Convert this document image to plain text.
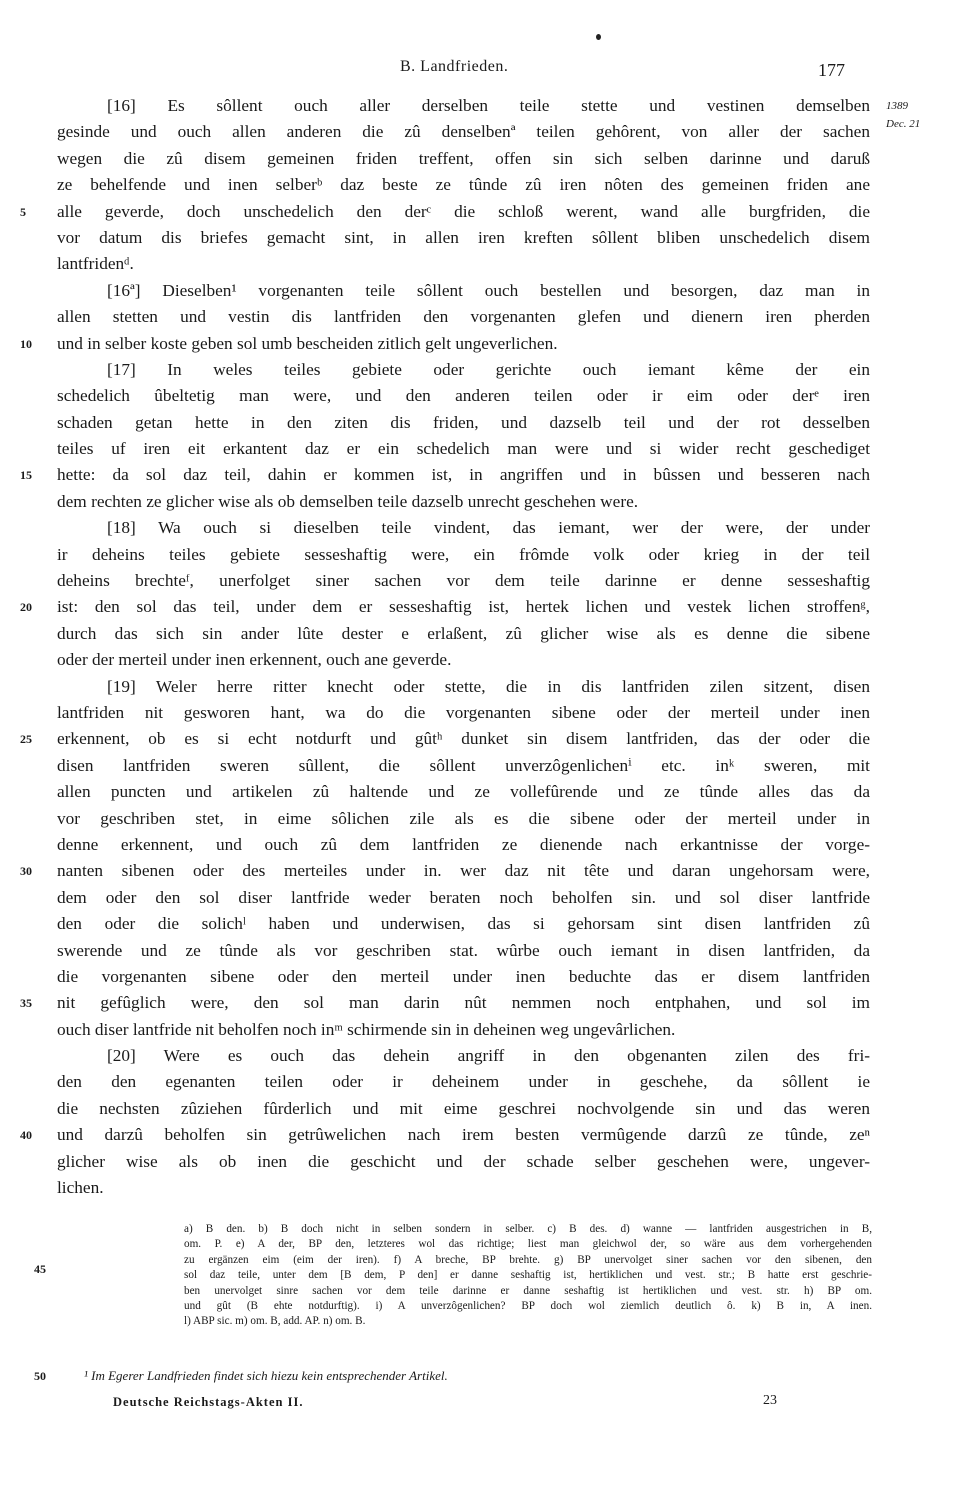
B. Landfrieden.	177
1389
Dec. 21
[16] Es sôllent ouch aller derselben teile stette und vestinen demselben
gesinde und ouch allen anderen die zû denselbenª teilen gehôrent, von aller der sachen
wegen die zû disem gemeinen friden treffent, offen sin sich selben darinne und daruß
ze behelfende und inen selberᵇ daz beste ze tûnde zû iren nôten des gemeinen friden ane
5	alle geverde, doch unschedelich den derᶜ die schloß werent, wand alle burgfriden, die
vor datum dis briefes gemacht sint, in allen iren kreften sôllent bliben unschedelich disem
lantfridenᵈ.
[16ª] Dieselben¹ vorgenanten teile sôllent ouch bestellen und besorgen, daz man in
allen stetten und vestin dis lantfriden den vorgenanten glefen und dienern iren pherden
10	und in selber koste geben sol umb bescheiden zitlich gelt ungeverlichen.
[17] In weles teiles gebiete oder gerichte ouch iemant kême der ein
schedelich ûbeltetig man were, und den anderen teilen oder ir eim oder derᵉ iren
schaden getan hette in den ziten dis friden, und dazselb teil und der rot desselben
teiles uf iren eit erkantent daz er ein schedelich man were und si wider recht geschediget
15	hette: da sol daz teil, dahin er kommen ist, in angriffen und in bûssen und besseren nach
dem rechten ze glicher wise als ob demselben teile dazselb unrecht geschehen were.
[18] Wa ouch si dieselben teile vindent, das iemant, wer der were, der under
ir deheins teiles gebiete sesseshaftig were, ein frômde volk oder krieg in der teil
deheins brechteᶠ, unerfolget siner sachen vor dem teile darinne er denne sesseshaftig
20	ist: den sol das teil, under dem er sesseshaftig ist, hertek lichen und vestek lichen stroffenᵍ,
durch das sich sin ander lûte dester e erlaßent, zû glicher wise als es denne die sibene
oder der merteil under inen erkennent, ouch ane geverde.
[19] Weler herre ritter knecht oder stette, die in dis lantfriden zilen sitzent, disen
lantfriden nit gesworen hant, wa do die vorgenanten sibene oder der merteil under inen
25	erkennent, ob es si echt notdurft und gûtʰ dunket sin disem lantfriden, das der oder die
disen lantfriden sweren sûllent, die sôllent unverzôgenlichenⁱ etc. inᵏ sweren, mit
allen puncten und artikelen zû haltende und ze vollefûrende und ze tûnde alles das da
vor geschriben stet, in eime sôlichen zile als es die sibene oder der merteil under in
denne erkennent, und ouch zû dem lantfriden ze dienende nach erkantnisse der vorge-
30	nanten sibenen oder des merteiles under in. wer daz nit tête und daran ungehorsam were,
dem oder den sol diser lantfride weder beraten noch beholfen sin. und sol diser lantfride
den oder die solichˡ haben und underwisen, das si gehorsam sint disen lantfriden zû
swerende und ze tûnde als vor geschriben stat. wûrbe ouch iemant in disen lantfriden, da
die vorgenanten sibene oder den merteil under inen beduchte das er disem lantfriden
35	nit gefûglich were, den sol man darin nût nemmen noch entphahen, und sol im
ouch diser lantfride nit beholfen noch inᵐ schirmende sin in deheinen weg ungevârlichen.
[20] Were es ouch das dehein angriff in den obgenanten zilen des fri-
den den egenanten teilen oder ir deheinem under in geschehe, da sôllent ie
die nechsten zûziehen fûrderlich und mit eime geschrei nochvolgende sin und das weren
40	und darzû beholfen sin getrûwelichen nach irem besten vermûgende darzû ze tûnde, zeⁿ
glicher wise als ob inen die geschicht und der schade selber geschehen were, ungever-
lichen.
45
a) B den. b) B doch nicht in selben sondern in selber. c) B des. d) wanne — lantfriden ausgestrichen in B,
om. P. e) A der, BP den, letzteres wol das richtige; liest man gleichwol der, so wäre aus dem vorhergehenden
zu ergänzen eim (eim der iren). f) A breche, BP brehte. g) BP unervolget siner sachen vor den sibenen, den
sol daz teile, unter dem [B dem, P den] er danne seshaftig ist, hertiklichen und vest. str.; B hatte erst geschrie-
ben unervolget sinre sachen vor dem teile darinne er danne seshaftig ist hertiklichen und vest. str. h) BP om.
und gût (B ehte notdurftig). i) A unverzôgenlichen? BP doch wol ziemlich deutlich ô. k) B in, A inen.
l) ABP sic. m) om. B, add. AP. n) om. B.
50	¹ Im Egerer Landfrieden findet sich hiezu kein entsprechender Artikel.
Deutsche Reichstags-Akten II.	23
